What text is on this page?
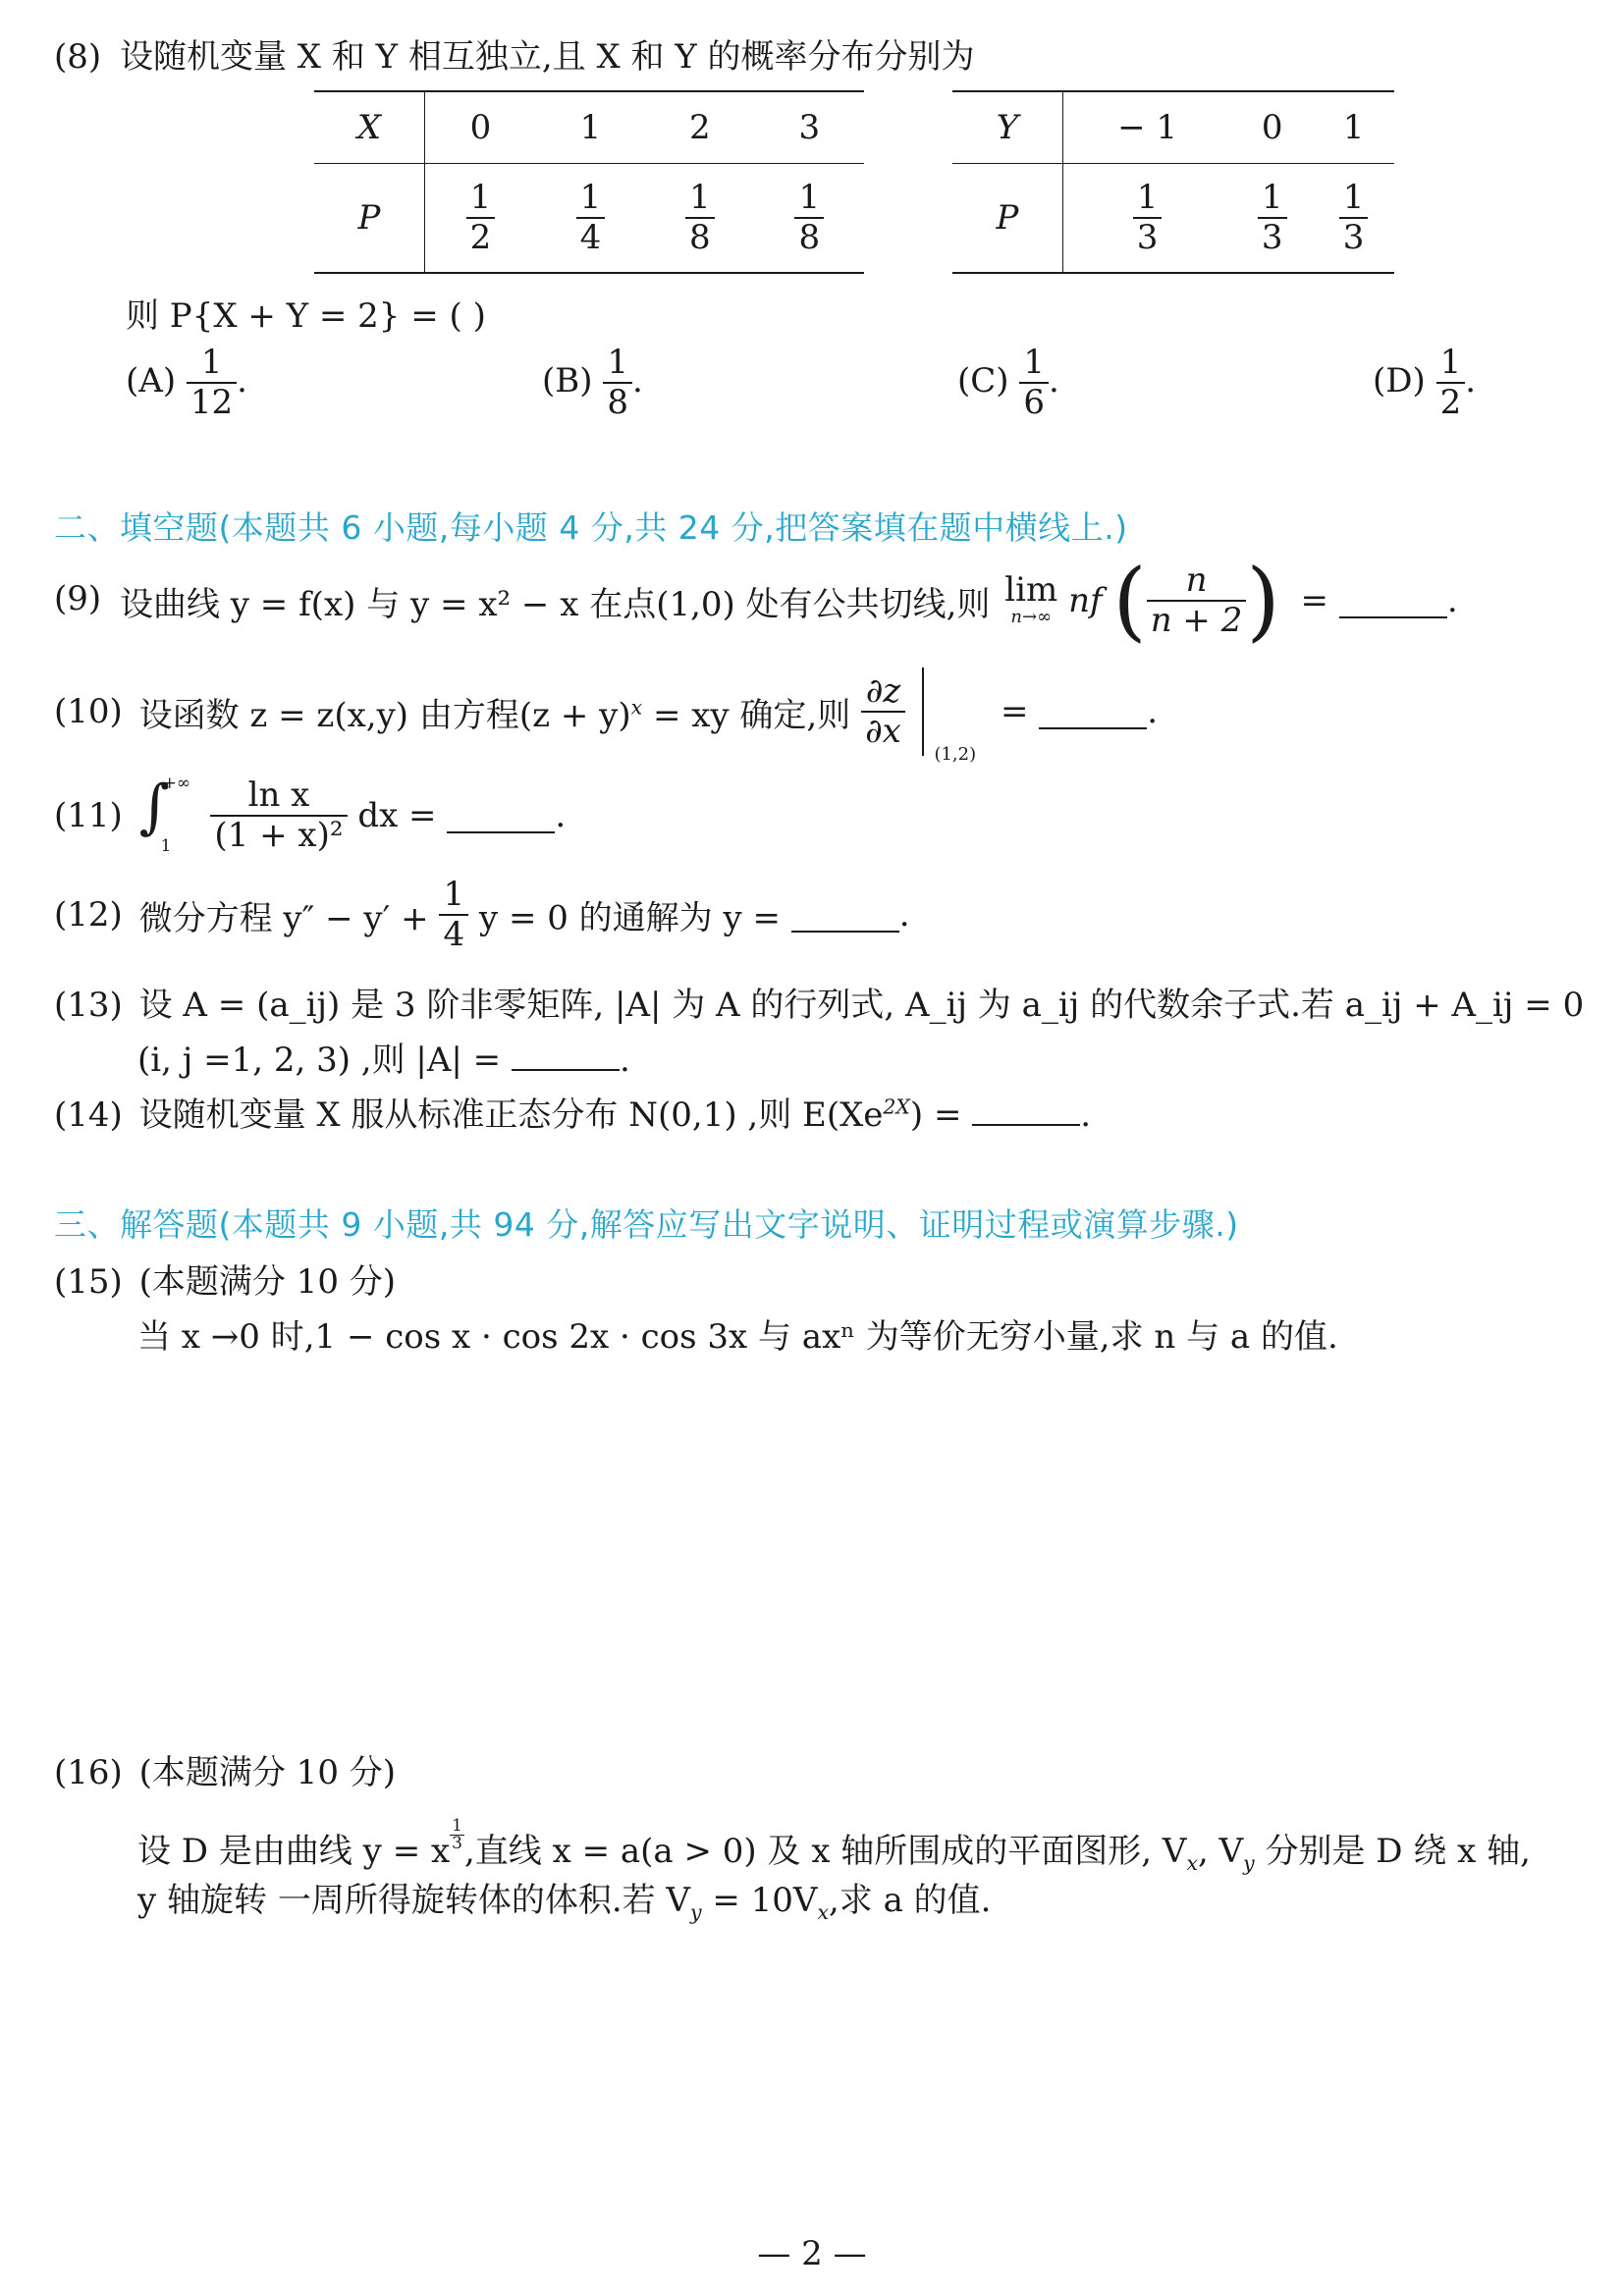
(8) 设随机变量 X 和 Y 相互独立,且 X 和 Y 的概率分布分别为
X	0	1	2	3
P	$\frac{1}{2}$	$\frac{1}{4}$	$\frac{1}{8}$	$\frac{1}{8}$
Y	− 1	0	1
P	$\frac{1}{3}$	$\frac{1}{3}$	$\frac{1}{3}$
则 P{X + Y = 2} = ( )
$(A) \frac{1}{12}$ .	$(B) \frac{1}{8}$ .	$(C) \frac{1}{6}$ .	$(D) \frac{1}{2}$ .
二、填空题(本题共 6 小题,每小题 4 分,共 24 分,把答案填在题中横线上.)
(9) 设曲线 y = f(x) 与 y = x² − x 在点(1,0) 处有公共切线,则 lim
n→∞ nf ( $\frac{n}{n + 2}$ ) =	.
(10) 设函数 z = z(x,y) 由方程$(z + y)^x$ = xy 确定,则 $\frac{\partial z}{\partial x}$
$_{(1,2)}$ =	.
(11) ∫
+∞
1
$\frac{\text{ln x}}{\text{(1 + x)²}}$ dx =	.
(12) 微分方程 $y'' - y' + \frac{1}{4}$ y = 0 的通解为 y =	.
(13) 设 A = (a_ij) 是 3 阶非零矩阵, |A| 为 A 的行列式, A_ij 为 a_ij 的代数余子式.若 a_ij + A_ij = 0
(i, j =1, 2, 3) ,则 |A| =	.
(14) 设随机变量 X 服从标准正态分布 N(0,1) ,则 $E(Xe^{2X})$ =	.
三、解答题(本题共 9 小题,共 94 分,解答应写出文字说明、证明过程或演算步骤.)
(15) (本题满分 10 分)
当 x →0 时,1 − cos x · cos 2x · cos 3x 与 axⁿ 为等价无穷小量,求 n 与 a 的值.
(16) (本题满分 10 分)
设 D 是由曲线 y = x $\frac{1}{3}$ ,直线 x = a(a > 0) 及 x 轴所围成的平面图形, $V_x$, $V_y$ 分别是 D 绕 x 轴,
y 轴旋转 一周所得旋转体的体积.若 $V_y = 10V_x$,求 a 的值.
— 2 —
